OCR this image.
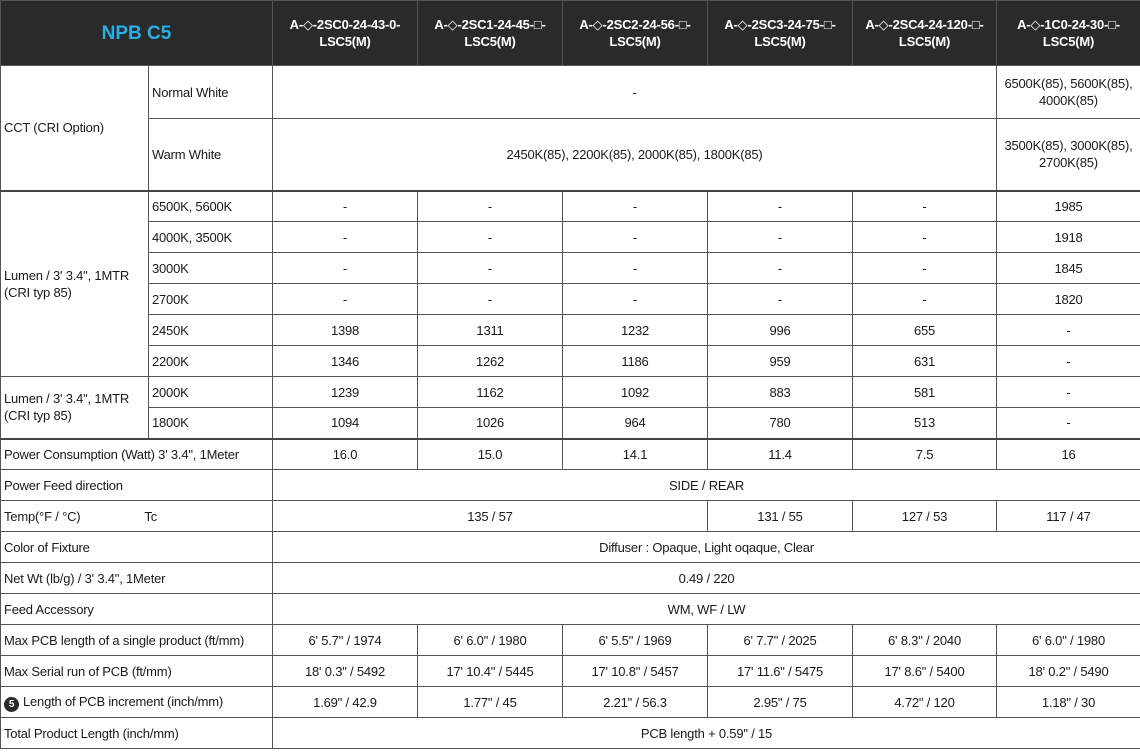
NPB C5		A-◇-2SC0-24-43-0-LSC5(M)	A-◇-2SC1-24-45-□-LSC5(M)	A-◇-2SC2-24-56-□-LSC5(M)	A-◇-2SC3-24-75-□-LSC5(M)	A-◇-2SC4-24-120-□-LSC5(M)	A-◇-1C0-24-30-□-LSC5(M)
CCT (CRI Option)	Normal White	-					6500K(85), 5600K(85), 4000K(85)
	Warm White	2450K(85), 2200K(85), 2000K(85), 1800K(85)					3500K(85), 3000K(85), 2700K(85)
Lumen / 3' 3.4", 1MTR (CRI typ 85)	6500K, 5600K	-	-	-	-	-	1985
	4000K, 3500K	-	-	-	-	-	1918
	3000K	-	-	-	-	-	1845
	2700K	-	-	-	-	-	1820
	2450K	1398	1311	1232	996	655	-
	2200K	1346	1262	1186	959	631	-
Lumen / 3' 3.4", 1MTR (CRI typ 85)	2000K	1239	1162	1092	883	581	-
	1800K	1094	1026	964	780	513	-
Power Consumption (Watt) 3' 3.4", 1Meter		16.0	15.0	14.1	11.4	7.5	16
Power Feed direction		SIDE / REAR					
Temp(°F / °C) Tc		135 / 57			131 / 55	127 / 53	117 / 47
Color of Fixture		Diffuser : Opaque, Light oqaque, Clear					
Net Wt (lb/g) / 3' 3.4", 1Meter		0.49 / 220					
Feed Accessory		WM, WF / LW					
Max PCB length of a single product (ft/mm)		6' 5.7" / 1974	6' 6.0" / 1980	6' 5.5" / 1969	6' 7.7" / 2025	6' 8.3" / 2040	6' 6.0" / 1980
Max Serial run of PCB (ft/mm)		18' 0.3" / 5492	17' 10.4" / 5445	17' 10.8" / 5457	17' 11.6" / 5475	17' 8.6" / 5400	18' 0.2" / 5490
5 Length of PCB increment (inch/mm)		1.69" / 42.9	1.77" / 45	2.21" / 56.3	2.95" / 75	4.72" / 120	1.18" / 30
Total Product Length (inch/mm)		PCB length + 0.59" / 15					
